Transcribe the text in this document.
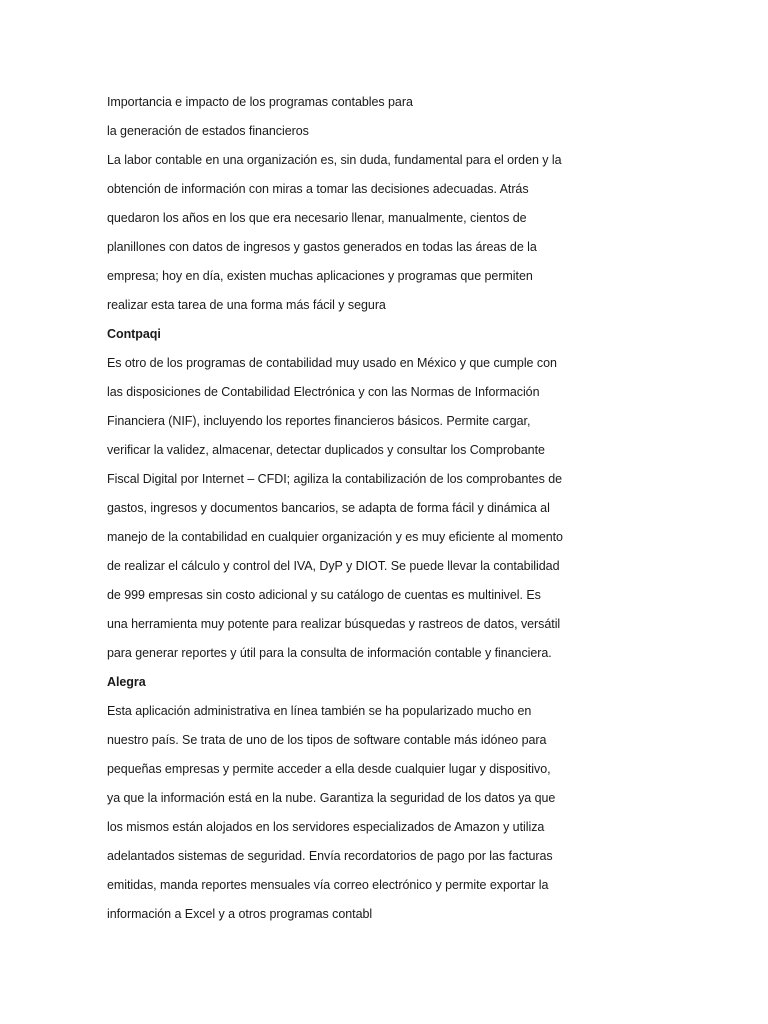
Importancia e impacto de los programas contables para
la generación de estados financieros
La labor contable en una organización es, sin duda, fundamental para el orden y la
obtención de información con miras a tomar las decisiones adecuadas. Atrás
quedaron los años en los que era necesario llenar, manualmente, cientos de
planillones con datos de ingresos y gastos generados en todas las áreas de la
empresa; hoy en día, existen muchas aplicaciones y programas que permiten
realizar esta tarea de una forma más fácil y segura
Contpaqi
Es otro de los programas de contabilidad muy usado en México y que cumple con
las disposiciones de Contabilidad Electrónica y con las Normas de Información
Financiera (NIF), incluyendo los reportes financieros básicos. Permite cargar,
verificar la validez, almacenar, detectar duplicados y consultar los Comprobante
Fiscal Digital por Internet – CFDI; agiliza la contabilización de los comprobantes de
gastos, ingresos y documentos bancarios, se adapta de forma fácil y dinámica al
manejo de la contabilidad en cualquier organización y es muy eficiente al momento
de realizar el cálculo y control del IVA, DyP y DIOT. Se puede llevar la contabilidad
de 999 empresas sin costo adicional y su catálogo de cuentas es multinivel. Es
una herramienta muy potente para realizar búsquedas y rastreos de datos, versátil
para generar reportes y útil para la consulta de información contable y financiera.
Alegra
Esta aplicación administrativa en línea también se ha popularizado mucho en
nuestro país. Se trata de uno de los tipos de software contable más idóneo para
pequeñas empresas y permite acceder a ella desde cualquier lugar y dispositivo,
ya que la información está en la nube. Garantiza la seguridad de los datos ya que
los mismos están alojados en los servidores especializados de Amazon y utiliza
adelantados sistemas de seguridad. Envía recordatorios de pago por las facturas
emitidas, manda reportes mensuales vía correo electrónico y permite exportar la
información a Excel y a otros programas contabl
